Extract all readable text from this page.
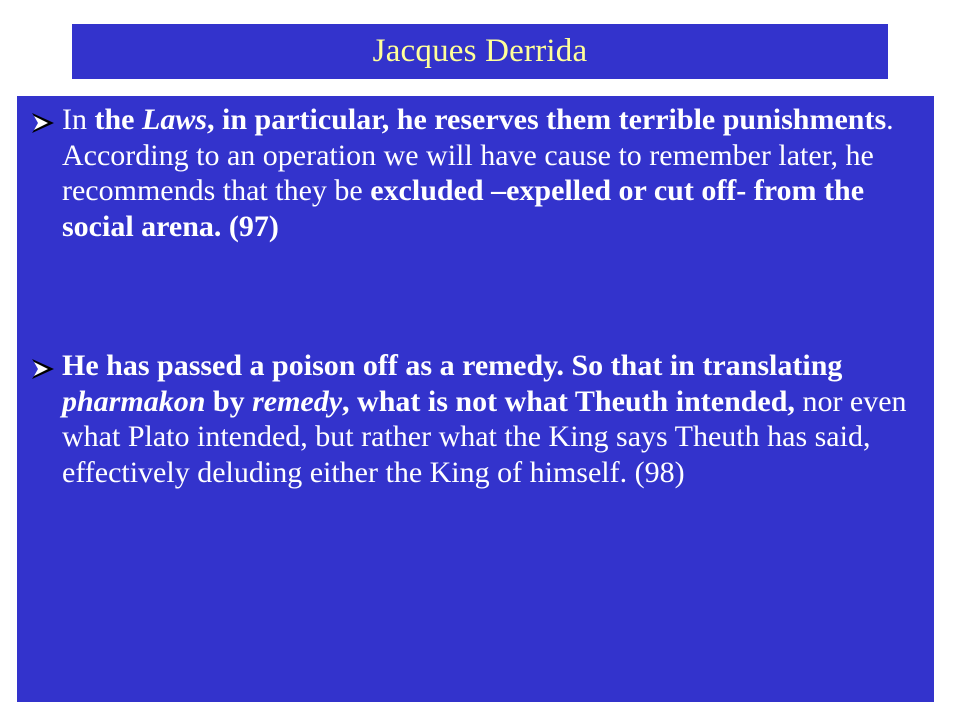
Jacques Derrida

In the Laws, in particular, he reserves them terrible punishments. According to an operation we will have cause to remember later, he recommends that they be excluded –expelled or cut off- from the social arena. (97)

He has passed a poison off as a remedy. So that in translating pharmakon by remedy, what is not what Theuth intended, nor even what Plato intended, but rather what the King says Theuth has said, effectively deluding either the King of himself. (98)
